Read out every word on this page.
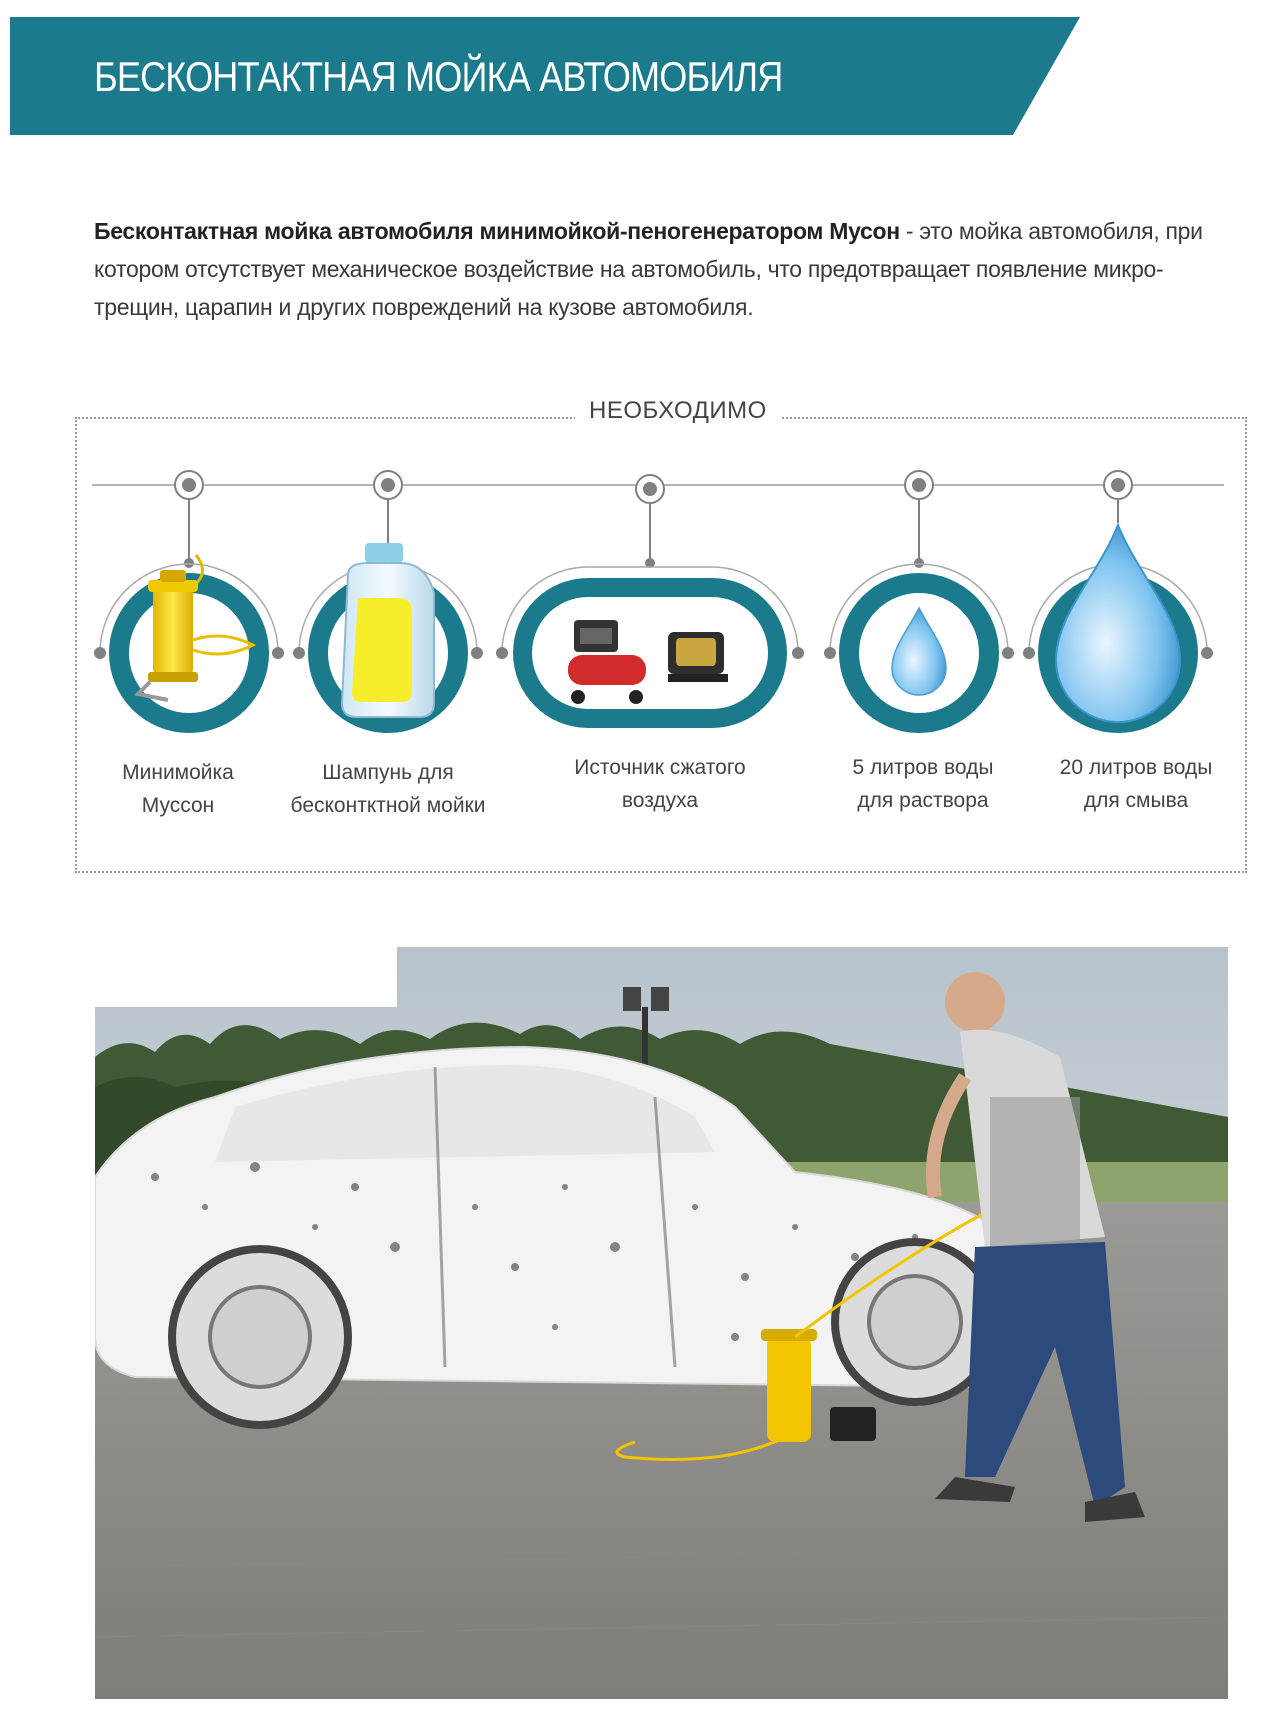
БЕСКОНТАКТНАЯ МОЙКА АВТОМОБИЛЯ
Бесконтактная мойка автомобиля минимойкой-пеногенератором Мусон - это мойка автомобиля, при котором отсутствует механическое воздействие на автомобиль, что предотвращает появление микро-трещин, царапин и других повреждений на кузове автомобиля.
НЕОБХОДИМО
Минимойка
Муссон
Шампунь для
бесконтктной мойки
Источник сжатого
воздуха
5 литров воды
для раствора
20 литров воды
для смыва
